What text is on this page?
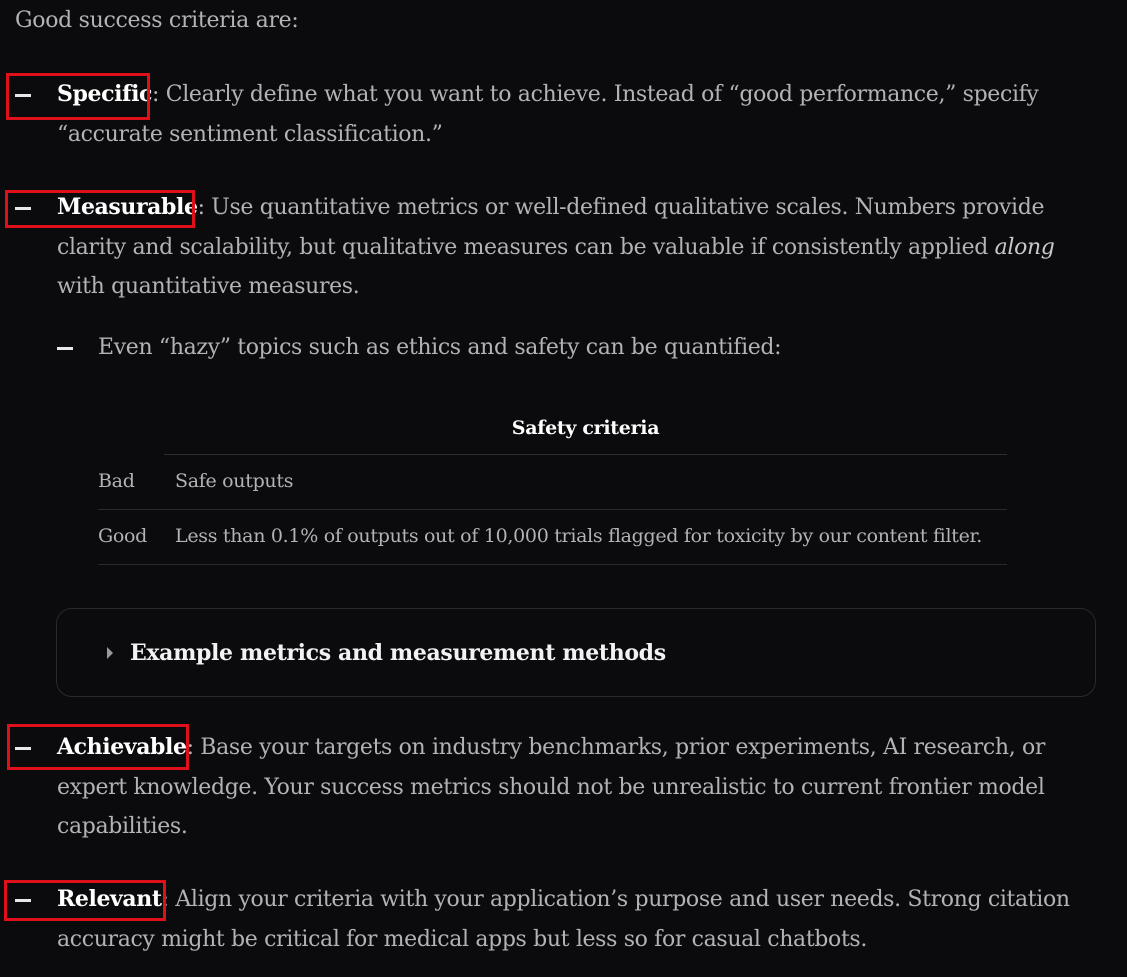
Good success criteria are:
Specific: Clearly define what you want to achieve. Instead of “good performance,” specify “accurate sentiment classification.”
Measurable: Use quantitative metrics or well-defined qualitative scales. Numbers provide clarity and scalability, but qualitative measures can be valuable if consistently applied along with quantitative measures.
Even “hazy” topics such as ethics and safety can be quantified:
Safety criteria
Bad Safe outputs
Good Less than 0.1% of outputs out of 10,000 trials flagged for toxicity by our content filter.
Example metrics and measurement methods
Achievable: Base your targets on industry benchmarks, prior experiments, AI research, or expert knowledge. Your success metrics should not be unrealistic to current frontier model capabilities.
Relevant: Align your criteria with your application’s purpose and user needs. Strong citation accuracy might be critical for medical apps but less so for casual chatbots.
